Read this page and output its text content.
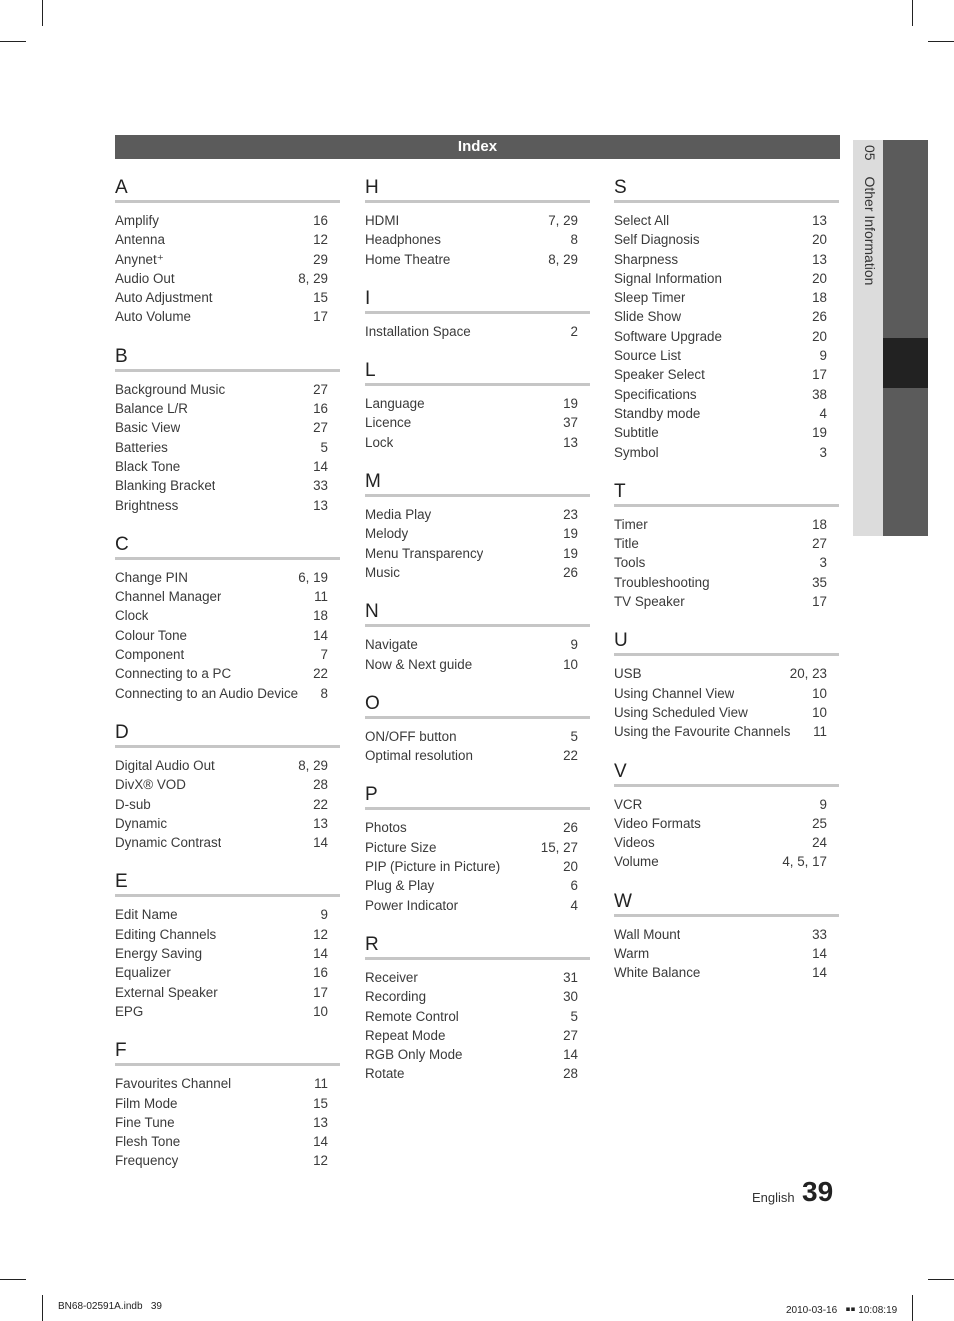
Index	05 Other Information
A
Amplify	16
Antenna	12
Anynet⁺	29
Audio Out	8, 29
Auto Adjustment	15
Auto Volume	17
B
Background Music	27
Balance L/R	16
Basic View	27
Batteries	5
Black Tone	14
Blanking Bracket	33
Brightness	13
C
Change PIN	6, 19
Channel Manager	11
Clock	18
Colour Tone	14
Component	7
Connecting to a PC	22
Connecting to an Audio Device	8
D
Digital Audio Out	8, 29
DivX® VOD	28
D-sub	22
Dynamic	13
Dynamic Contrast	14
E
Edit Name	9
Editing Channels	12
Energy Saving	14
Equalizer	16
External Speaker	17
EPG	10
F
Favourites Channel	11
Film Mode	15
Fine Tune	13
Flesh Tone	14
Frequency	12
H
HDMI	7, 29
Headphones	8
Home Theatre	8, 29
I
Installation Space	2
L
Language	19
Licence	37
Lock	13
M
Media Play	23
Melody	19
Menu Transparency	19
Music	26
N
Navigate	9
Now & Next guide	10
O
ON/OFF button	5
Optimal resolution	22
P
Photos	26
Picture Size	15, 27
PIP (Picture in Picture)	20
Plug & Play	6
Power Indicator	4
R
Receiver	31
Recording	30
Remote Control	5
Repeat Mode	27
RGB Only Mode	14
Rotate	28
S
Select All	13
Self Diagnosis	20
Sharpness	13
Signal Information	20
Sleep Timer	18
Slide Show	26
Software Upgrade	20
Source List	9
Speaker Select	17
Specifications	38
Standby mode	4
Subtitle	19
Symbol	3
T
Timer	18
Title	27
Tools	3
Troubleshooting	35
TV Speaker	17
U
USB	20, 23
Using Channel View	10
Using Scheduled View	10
Using the Favourite Channels	11
V
VCR	9
Video Formats	25
Videos	24
Volume	4, 5, 17
W
Wall Mount	33
Warm	14
White Balance	14
English 39
BN68-02591A.indb   39	2010-03-16   ￭￭ 10:08:19
